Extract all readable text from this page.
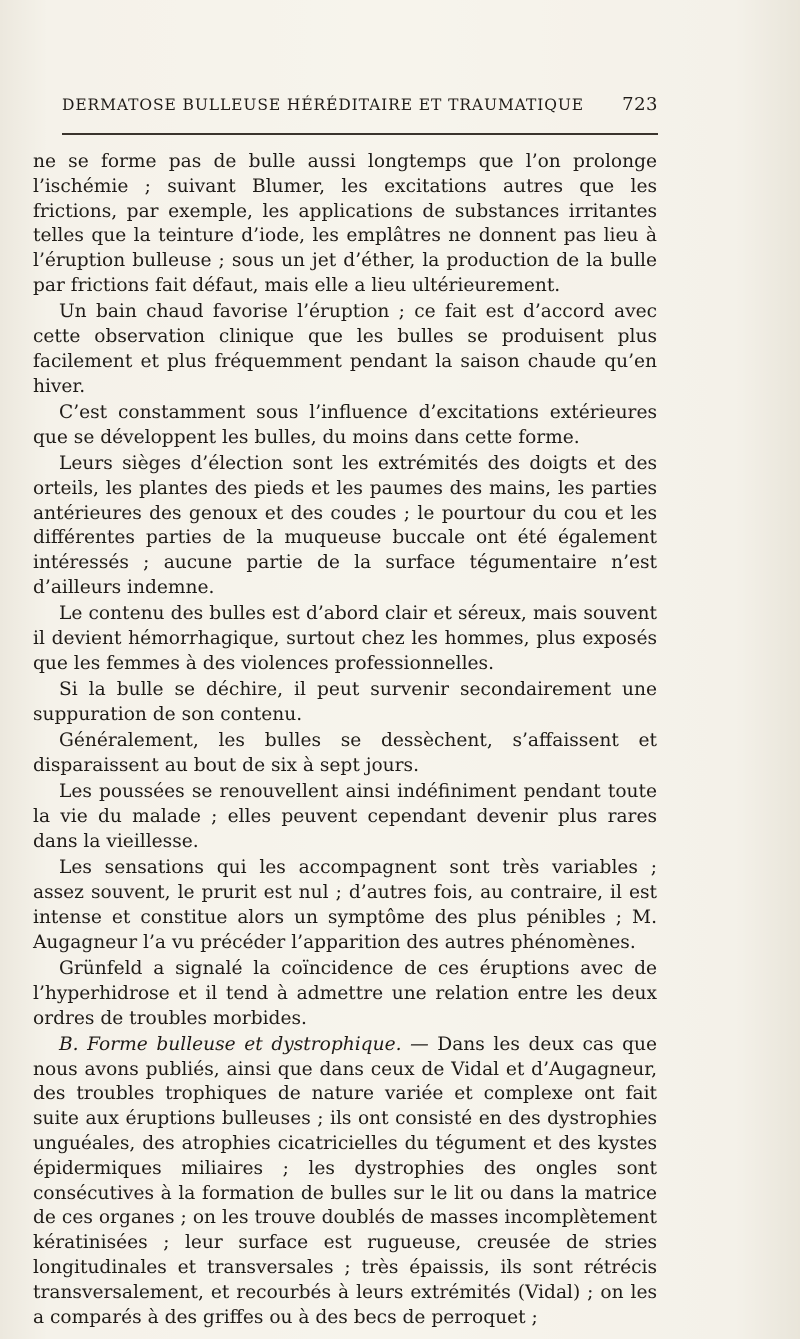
DERMATOSE BULLEUSE HÉRÉDITAIRE ET TRAUMATIQUE 723

ne se forme pas de bulle aussi longtemps que l’on prolonge l’ischémie ; suivant Blumer, les excitations autres que les frictions, par exemple, les applications de substances irritantes telles que la teinture d’iode, les emplâtres ne donnent pas lieu à l’éruption bulleuse ; sous un jet d’éther, la production de la bulle par frictions fait défaut, mais elle a lieu ultérieurement.

Un bain chaud favorise l’éruption ; ce fait est d’accord avec cette observation clinique que les bulles se produisent plus facilement et plus fréquemment pendant la saison chaude qu’en hiver.

C’est constamment sous l’influence d’excitations extérieures que se développent les bulles, du moins dans cette forme.

Leurs sièges d’élection sont les extrémités des doigts et des orteils, les plantes des pieds et les paumes des mains, les parties antérieures des genoux et des coudes ; le pourtour du cou et les différentes parties de la muqueuse buccale ont été également intéressés ; aucune partie de la surface tégumentaire n’est d’ailleurs indemne.

Le contenu des bulles est d’abord clair et séreux, mais souvent il devient hémorrhagique, surtout chez les hommes, plus exposés que les femmes à des violences professionnelles.

Si la bulle se déchire, il peut survenir secondairement une suppuration de son contenu.

Généralement, les bulles se dessèchent, s’affaissent et disparaissent au bout de six à sept jours.

Les poussées se renouvellent ainsi indéfiniment pendant toute la vie du malade ; elles peuvent cependant devenir plus rares dans la vieillesse.

Les sensations qui les accompagnent sont très variables ; assez souvent, le prurit est nul ; d’autres fois, au contraire, il est intense et constitue alors un symptôme des plus pénibles ; M. Augagneur l’a vu précéder l’apparition des autres phénomènes.

Grünfeld a signalé la coïncidence de ces éruptions avec de l’hyperhidrose et il tend à admettre une relation entre les deux ordres de troubles morbides.

B. Forme bulleuse et dystrophique. — Dans les deux cas que nous avons publiés, ainsi que dans ceux de Vidal et d’Augagneur, des troubles trophiques de nature variée et complexe ont fait suite aux éruptions bulleuses ; ils ont consisté en des dystrophies unguéales, des atrophies cicatricielles du tégument et des kystes épidermiques miliaires ; les dystrophies des ongles sont consécutives à la formation de bulles sur le lit ou dans la matrice de ces organes ; on les trouve doublés de masses incomplètement kératinisées ; leur surface est rugueuse, creusée de stries longitudinales et transversales ; très épaissis, ils sont rétrécis transversalement, et recourbés à leurs extrémités (Vidal) ; on les a comparés à des griffes ou à des becs de perroquet ;
